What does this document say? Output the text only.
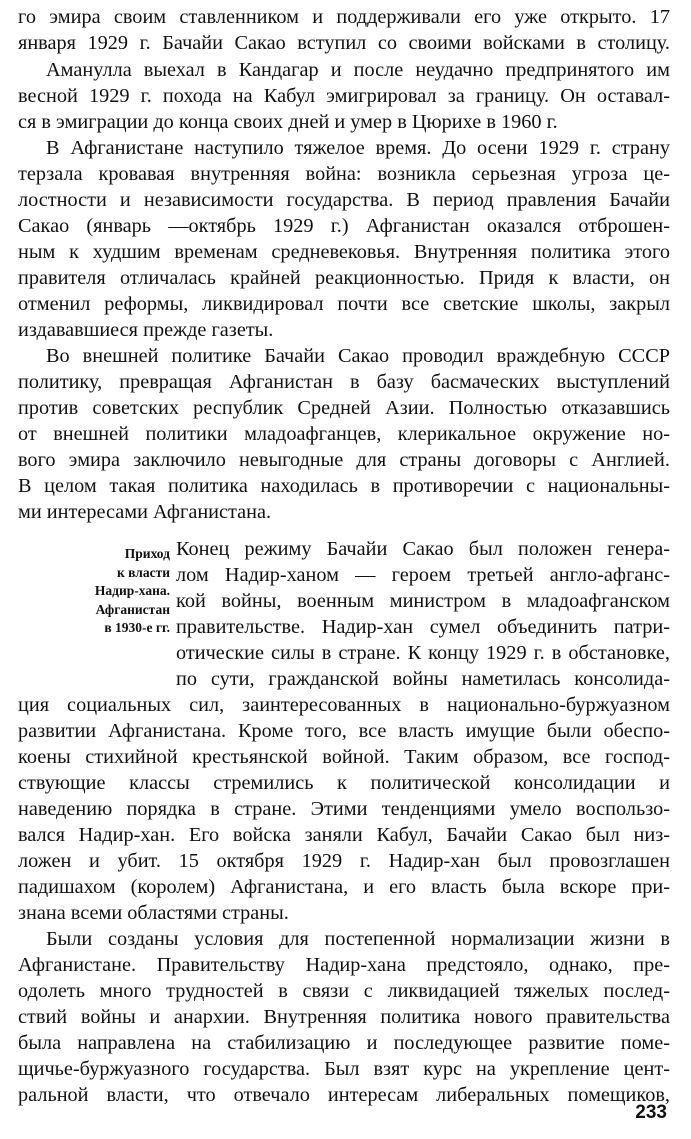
го эмира своим ставленником и поддерживали его уже открыто. 17
января 1929 г. Бачайи Сакао вступил со своими войсками в столицу.
Аманулла выехал в Кандагар и после неудачно предпринятого им
весной 1929 г. похода на Кабул эмигрировал за границу. Он оставал-
ся в эмиграции до конца своих дней и умер в Цюрихе в 1960 г.
В Афганистане наступило тяжелое время. До осени 1929 г. страну
терзала кровавая внутренняя война: возникла серьезная угроза це-
лостности и независимости государства. В период правления Бачайи
Сакао (январь —октябрь 1929 г.) Афганистан оказался отброшен-
ным к худшим временам средневековья. Внутренняя политика этого
правителя отличалась крайней реакционностью. Придя к власти, он
отменил реформы, ликвидировал почти все светские школы, закрыл
издававшиеся прежде газеты.
Во внешней политике Бачайи Сакао проводил враждебную СССР
политику, превращая Афганистан в базу басмаческих выступлений
против советских республик Средней Азии. Полностью отказавшись
от внешней политики младоафганцев, клерикальное окружение но-
вого эмира заключило невыгодные для страны договоры с Англией.
В целом такая политика находилась в противоречии с национальны-
ми интересами Афганистана.
Приход
к власти
Надир-хана.
Афганистан
в 1930-е гг.
Конец режиму Бачайи Сакао был положен генера-
лом Надир-ханом — героем третьей англо-афганс-
кой войны, военным министром в младоафганском
правительстве. Надир-хан сумел объединить патри-
отические силы в стране. К концу 1929 г. в обстановке,
по сути, гражданской войны наметилась консолида-
ция социальных сил, заинтересованных в национально-буржуазном
развитии Афганистана. Кроме того, все власть имущие были обеспо-
коены стихийной крестьянской войной. Таким образом, все господ-
ствующие классы стремились к политической консолидации и
наведению порядка в стране. Этими тенденциями умело воспользо-
вался Надир-хан. Его войска заняли Кабул, Бачайи Сакао был низ-
ложен и убит. 15 октября 1929 г. Надир-хан был провозглашен
падишахом (королем) Афганистана, и его власть была вскоре при-
знана всеми областями страны.
Были созданы условия для постепенной нормализации жизни в
Афганистане. Правительству Надир-хана предстояло, однако, пре-
одолеть много трудностей в связи с ликвидацией тяжелых послед-
ствий войны и анархии. Внутренняя политика нового правительства
была направлена на стабилизацию и последующее развитие поме-
щичье-буржуазного государства. Был взят курс на укрепление цент-
ральной власти, что отвечало интересам либеральных помещиков,
233
